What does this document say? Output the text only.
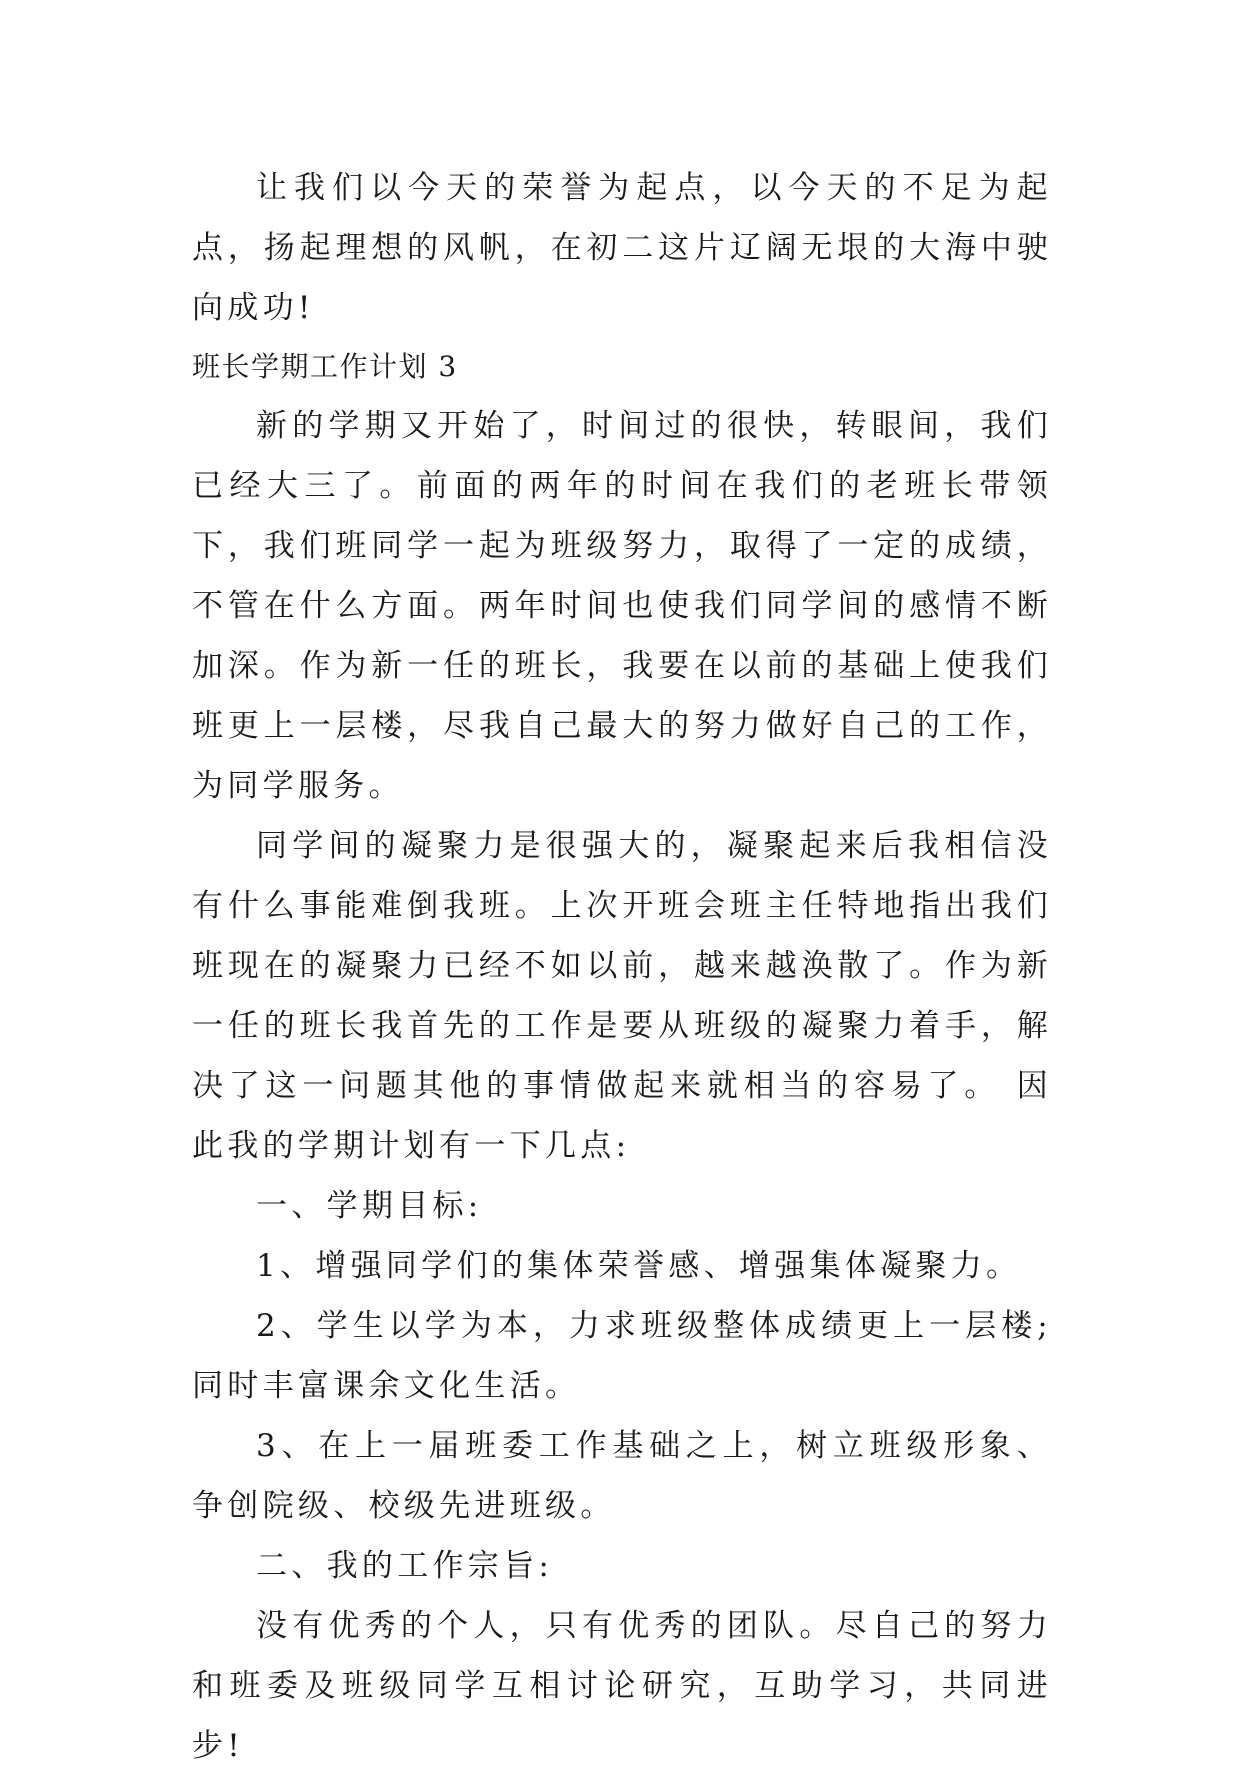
让我们以今天的荣誉为起点，以今天的不足为起点，扬起理想的风帆，在初二这片辽阔无垠的大海中驶向成功!

班长学期工作计划 3

新的学期又开始了，时间过的很快，转眼间，我们已经大三了。前面的两年的时间在我们的老班长带领下，我们班同学一起为班级努力，取得了一定的成绩，不管在什么方面。两年时间也使我们同学间的感情不断加深。作为新一任的班长，我要在以前的基础上使我们班更上一层楼，尽我自己最大的努力做好自己的工作，为同学服务。

同学间的凝聚力是很强大的，凝聚起来后我相信没有什么事能难倒我班。上次开班会班主任特地指出我们班现在的凝聚力已经不如以前，越来越涣散了。作为新一任的班长我首先的工作是要从班级的凝聚力着手，解决了这一问题其他的事情做起来就相当的容易了。 因此我的学期计划有一下几点:

一、学期目标:

1、增强同学们的集体荣誉感、增强集体凝聚力。

2、学生以学为本，力求班级整体成绩更上一层楼;同时丰富课余文化生活。

3、在上一届班委工作基础之上，树立班级形象、争创院级、校级先进班级。

二、我的工作宗旨:

没有优秀的个人，只有优秀的团队。尽自己的努力和班委及班级同学互相讨论研究，互助学习，共同进步!
